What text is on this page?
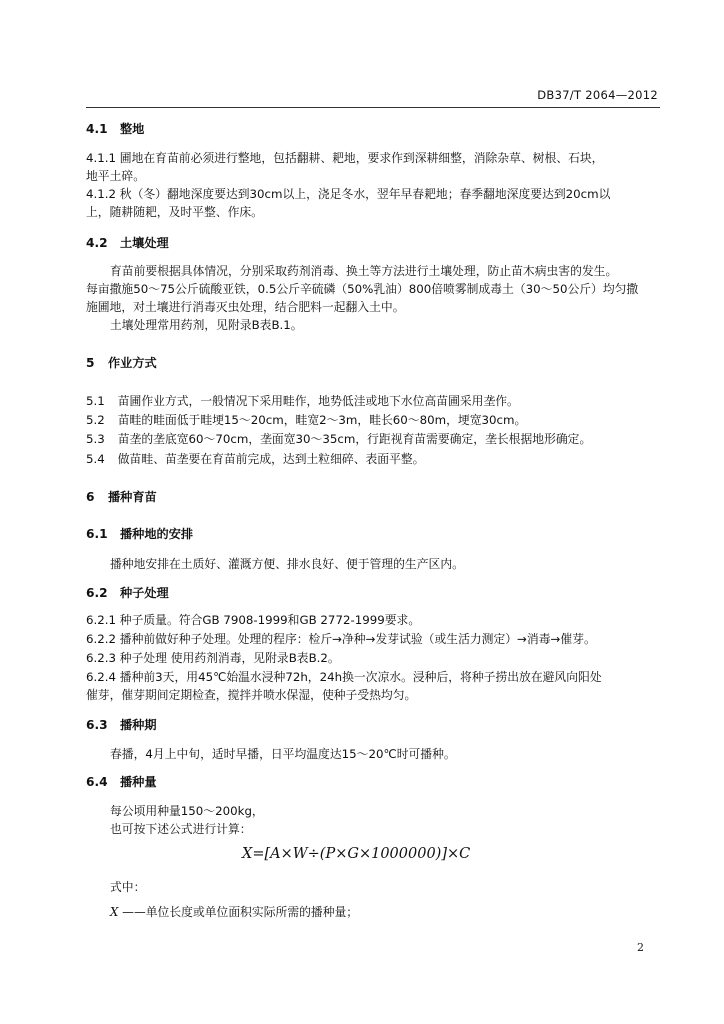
DB37/T 2064—2012
4.1 整地
4.1.1 圃地在育苗前必须进行整地，包括翻耕、耙地，要求作到深耕细整，消除杂草、树根、石块，
地平土碎。
4.1.2 秋（冬）翻地深度要达到30cm以上，浇足冬水，翌年早春耙地；春季翻地深度要达到20cm以
上，随耕随耙，及时平整、作床。
4.2 土壤处理
育苗前要根据具体情况，分别采取药剂消毒、换土等方法进行土壤处理，防止苗木病虫害的发生。
每亩撒施50～75公斤硫酸亚铁，0.5公斤辛硫磷（50%乳油）800倍喷雾制成毒土（30～50公斤）均匀撒
施圃地，对土壤进行消毒灭虫处理，结合肥料一起翻入土中。
土壤处理常用药剂，见附录B表B.1。
5 作业方式
5.1 苗圃作业方式，一般情况下采用畦作，地势低洼或地下水位高苗圃采用垄作。
5.2 苗畦的畦面低于畦埂15～20cm，畦宽2～3m，畦长60～80m，埂宽30cm。
5.3 苗垄的垄底宽60～70cm，垄面宽30～35cm，行距视育苗需要确定，垄长根据地形确定。
5.4 做苗畦、苗垄要在育苗前完成，达到土粒细碎、表面平整。
6 播种育苗
6.1 播种地的安排
播种地安排在土质好、灌溉方便、排水良好、便于管理的生产区内。
6.2 种子处理
6.2.1 种子质量。符合GB 7908-1999和GB 2772-1999要求。
6.2.2 播种前做好种子处理。处理的程序：检斤→净种→发芽试验（或生活力测定）→消毒→催芽。
6.2.3 种子处理 使用药剂消毒，见附录B表B.2。
6.2.4 播种前3天，用45℃始温水浸种72h，24h换一次凉水。浸种后，将种子捞出放在避风向阳处
催芽，催芽期间定期检查，搅拌并喷水保湿，使种子受热均匀。
6.3 播种期
春播，4月上中旬，适时早播，日平均温度达15～20℃时可播种。
6.4 播种量
每公顷用种量150～200kg，
也可按下述公式进行计算：
X=[A×W÷(P×G×1000000)]×C
式中：
X ——单位长度或单位面积实际所需的播种量；
2
